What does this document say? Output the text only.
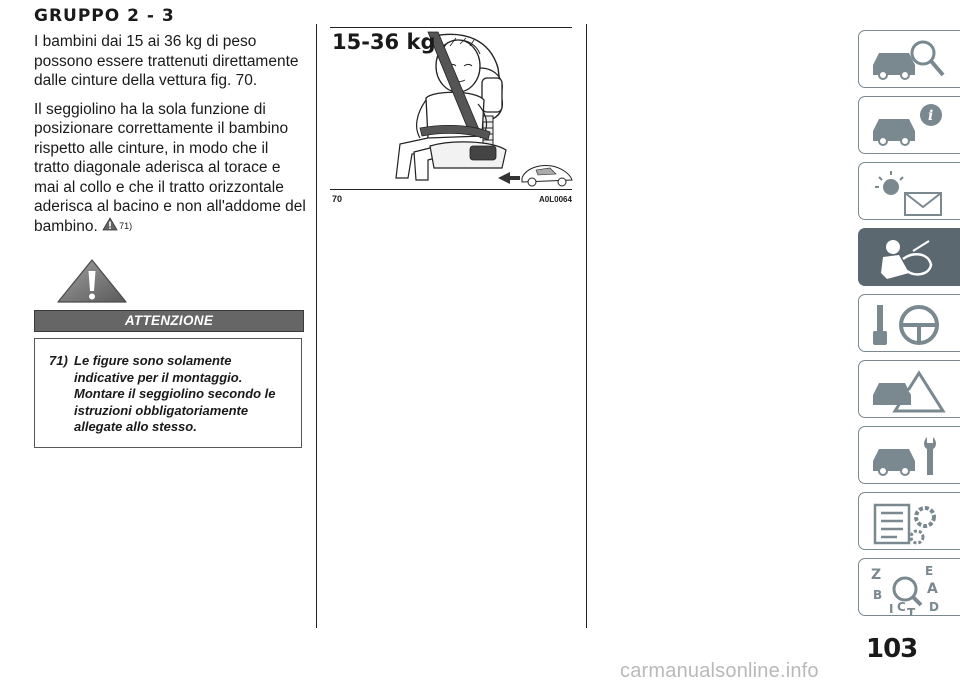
GRUPPO 2 - 3

I bambini dai 15 ai 36 kg di peso possono essere trattenuti direttamente dalle cinture della vettura fig. 70.

Il seggiolino ha la sola funzione di posizionare correttamente il bambino rispetto alle cinture, in modo che il tratto diagonale aderisca al torace e mai al collo e che il tratto orizzontale aderisca al bacino e non all'addome del bambino. 71)

ATTENZIONE
71) Le figure sono solamente indicative per il montaggio. Montare il seggiolino secondo le istruzioni obbligatoriamente allegate allo stesso.
15-36 kg
70	A0L0064
i
Z	E
B	A
D
I C T
103
carmanualsonline.info
